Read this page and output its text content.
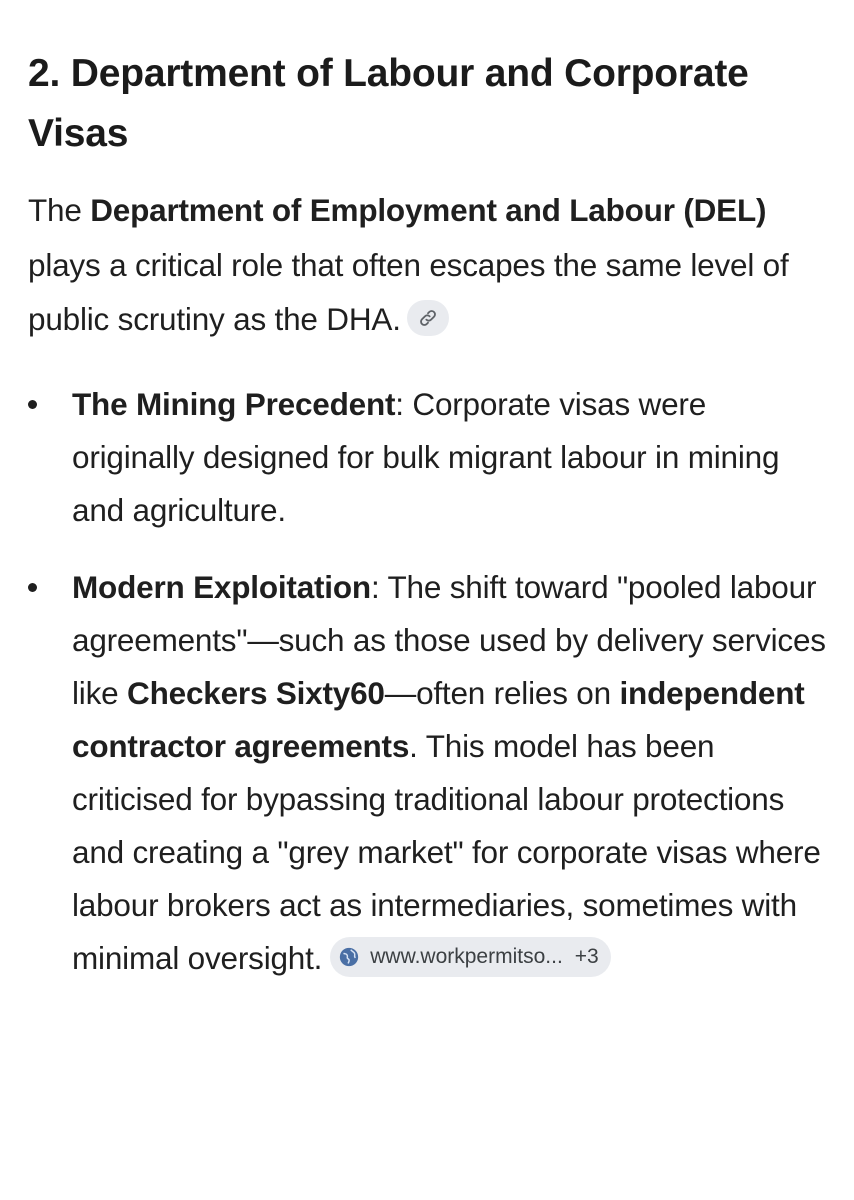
2. Department of Labour and Corporate Visas

The Department of Employment and Labour (DEL) plays a critical role that often escapes the same level of public scrutiny as the DHA.

The Mining Precedent: Corporate visas were originally designed for bulk migrant labour in mining and agriculture.
Modern Exploitation: The shift toward "pooled labour agreements"—such as those used by delivery services like Checkers Sixty60—often relies on independent contractor agreements. This model has been criticised for bypassing traditional labour protections and creating a "grey market" for corporate visas where labour brokers act as intermediaries, sometimes with minimal oversight. www.workpermitso... +3
